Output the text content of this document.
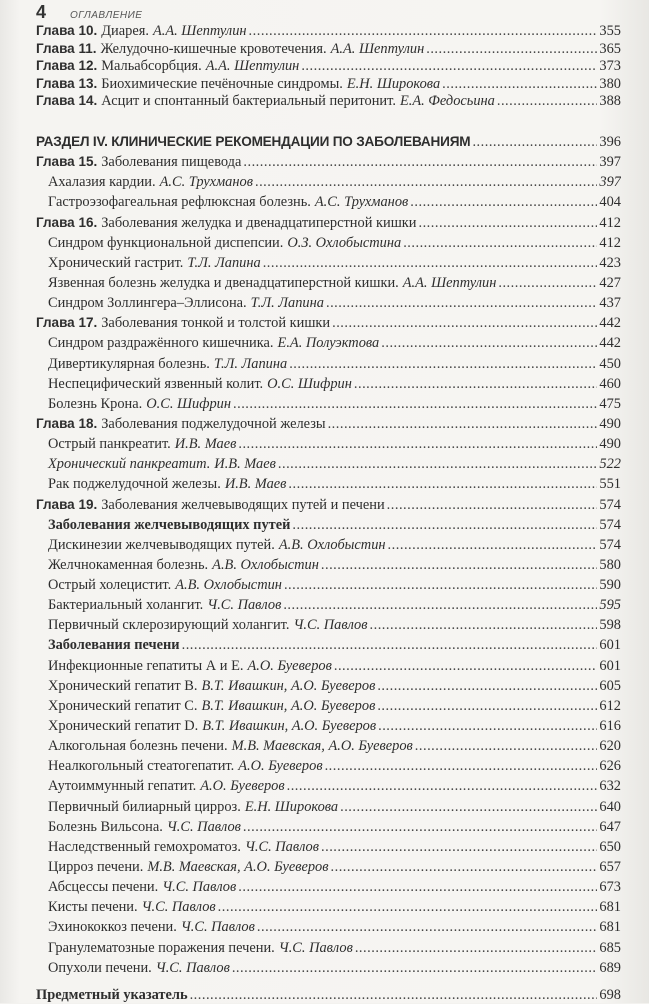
4 ОГЛАВЛЕНИЕ
Глава 10. Диарея. А.А. Шептулин .....	355
Глава 11. Желудочно-кишечные кровотечения. А.А. Шептулин .....	365
Глава 12. Мальабсорбция. А.А. Шептулин .....	373
Глава 13. Биохимические печёночные синдромы. Е.Н. Широкова .....	380
Глава 14. Асцит и спонтанный бактериальный перитонит. Е.А. Федосьина .....	388
РАЗДЕЛ IV. КЛИНИЧЕСКИЕ РЕКОМЕНДАЦИИ ПО ЗАБОЛЕВАНИЯМ .....	396
Глава 15. Заболевания пищевода .....	397
Ахалазия кардии. А.С. Трухманов .....	397
Гастроэзофагеальная рефлюксная болезнь. А.С. Трухманов .....	404
Глава 16. Заболевания желудка и двенадцатиперстной кишки .....	412
Синдром функциональной диспепсии. О.З. Охлобыстина .....	412
Хронический гастрит. Т.Л. Лапина .....	423
Язвенная болезнь желудка и двенадцатиперстной кишки. А.А. Шептулин .....	427
Синдром Золлингера–Эллисона. Т.Л. Лапина .....	437
Глава 17. Заболевания тонкой и толстой кишки .....	442
Синдром раздражённого кишечника. Е.А. Полуэктова .....	442
Дивертикулярная болезнь. Т.Л. Лапина .....	450
Неспецифический язвенный колит. О.С. Шифрин .....	460
Болезнь Крона. О.С. Шифрин .....	475
Глава 18. Заболевания поджелудочной железы .....	490
Острый панкреатит. И.В. Маев .....	490
Хронический панкреатит. И.В. Маев .....	522
Рак поджелудочной железы. И.В. Маев .....	551
Глава 19. Заболевания желчевыводящих путей и печени .....	574
Заболевания желчевыводящих путей .....	574
Дискинезии желчевыводящих путей. А.В. Охлобыстин .....	574
Желчнокаменная болезнь. А.В. Охлобыстин .....	580
Острый холецистит. А.В. Охлобыстин .....	590
Бактериальный холангит. Ч.С. Павлов .....	595
Первичный склерозирующий холангит. Ч.С. Павлов .....	598
Заболевания печени .....	601
Инфекционные гепатиты А и Е. А.О. Буеверов .....	601
Хронический гепатит B. В.Т. Ивашкин, А.О. Буеверов .....	605
Хронический гепатит C. В.Т. Ивашкин, А.О. Буеверов .....	612
Хронический гепатит D. В.Т. Ивашкин, А.О. Буеверов .....	616
Алкогольная болезнь печени. М.В. Маевская, А.О. Буеверов .....	620
Неалкогольный стеатогепатит. А.О. Буеверов .....	626
Аутоиммунный гепатит. А.О. Буеверов .....	632
Первичный билиарный цирроз. Е.Н. Широкова .....	640
Болезнь Вильсона. Ч.С. Павлов .....	647
Наследственный гемохроматоз. Ч.С. Павлов .....	650
Цирроз печени. М.В. Маевская, А.О. Буеверов .....	657
Абсцессы печени. Ч.С. Павлов .....	673
Кисты печени. Ч.С. Павлов .....	681
Эхинококкоз печени. Ч.С. Павлов .....	681
Гранулематозные поражения печени. Ч.С. Павлов .....	685
Опухоли печени. Ч.С. Павлов .....	689
Предметный указатель .....	698
